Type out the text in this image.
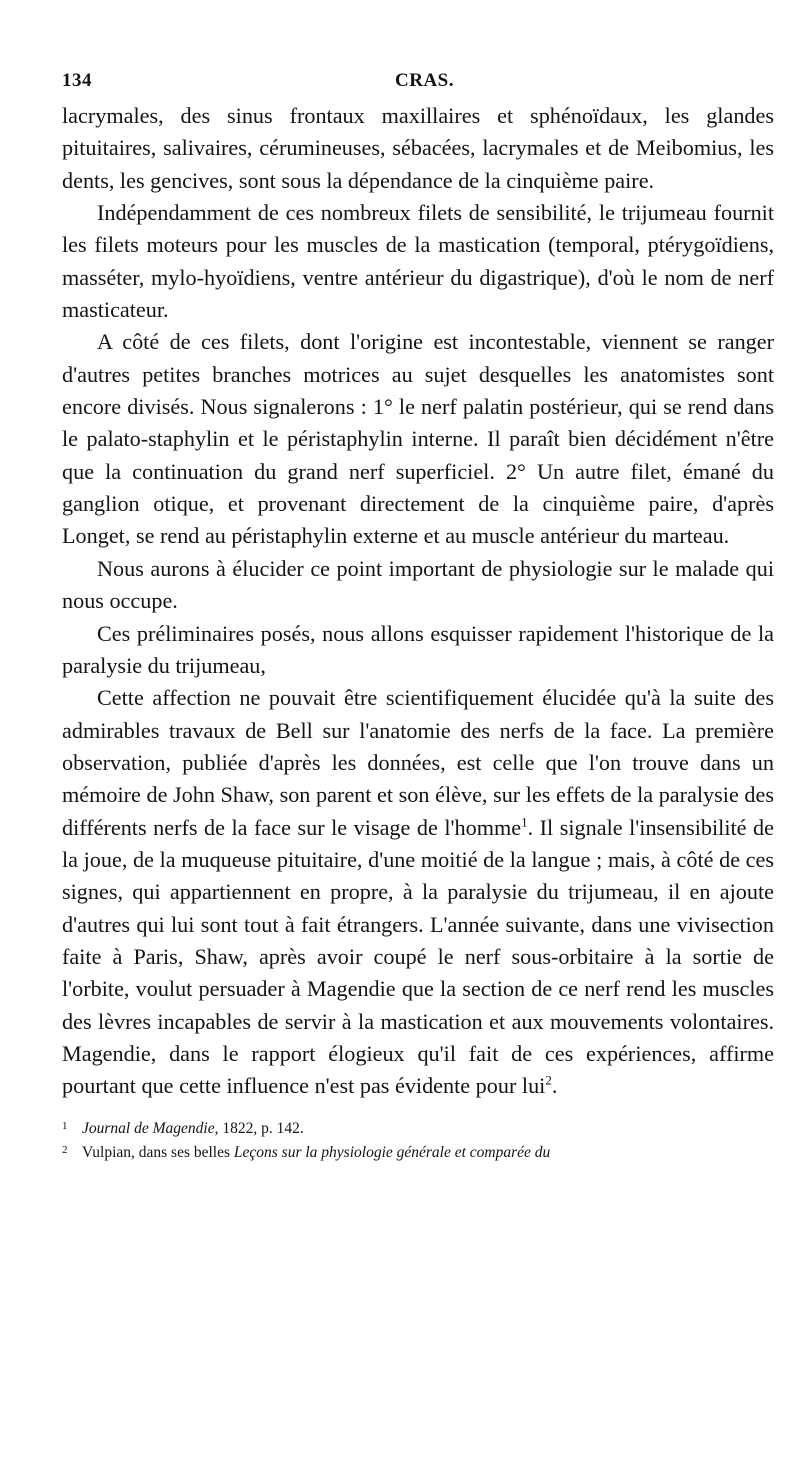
134	CRAS.

lacrymales, des sinus frontaux maxillaires et sphénoïdaux, les glandes pituitaires, salivaires, cérumineuses, sébacées, lacrymales et de Meibomius, les dents, les gencives, sont sous la dépendance de la cinquième paire.

Indépendamment de ces nombreux filets de sensibilité, le trijumeau fournit les filets moteurs pour les muscles de la mastication (temporal, ptérygoïdiens, masséter, mylo-hyoïdiens, ventre antérieur du digastrique), d'où le nom de nerf masticateur.

A côté de ces filets, dont l'origine est incontestable, viennent se ranger d'autres petites branches motrices au sujet desquelles les anatomistes sont encore divisés. Nous signalerons : 1° le nerf palatin postérieur, qui se rend dans le palato-staphylin et le péristaphylin interne. Il paraît bien décidément n'être que la continuation du grand nerf superficiel. 2° Un autre filet, émané du ganglion otique, et provenant directement de la cinquième paire, d'après Longet, se rend au péristaphylin externe et au muscle antérieur du marteau.

Nous aurons à élucider ce point important de physiologie sur le malade qui nous occupe.

Ces préliminaires posés, nous allons esquisser rapidement l'historique de la paralysie du trijumeau,

Cette affection ne pouvait être scientifiquement élucidée qu'à la suite des admirables travaux de Bell sur l'anatomie des nerfs de la face. La première observation, publiée d'après les données, est celle que l'on trouve dans un mémoire de John Shaw, son parent et son élève, sur les effets de la paralysie des différents nerfs de la face sur le visage de l'homme$^1$. Il signale l'insensibilité de la joue, de la muqueuse pituitaire, d'une moitié de la langue ; mais, à côté de ces signes, qui appartiennent en propre, à la paralysie du trijumeau, il en ajoute d'autres qui lui sont tout à fait étrangers. L'année suivante, dans une vivisection faite à Paris, Shaw, après avoir coupé le nerf sous-orbitaire à la sortie de l'orbite, voulut persuader à Magendie que la section de ce nerf rend les muscles des lèvres incapables de servir à la mastication et aux mouvements volontaires. Magendie, dans le rapport élogieux qu'il fait de ces expériences, affirme pourtant que cette influence n'est pas évidente pour lui$^2$.

1 Journal de Magendie, 1822, p. 142.
2 Vulpian, dans ses belles Leçons sur la physiologie générale et comparée du
